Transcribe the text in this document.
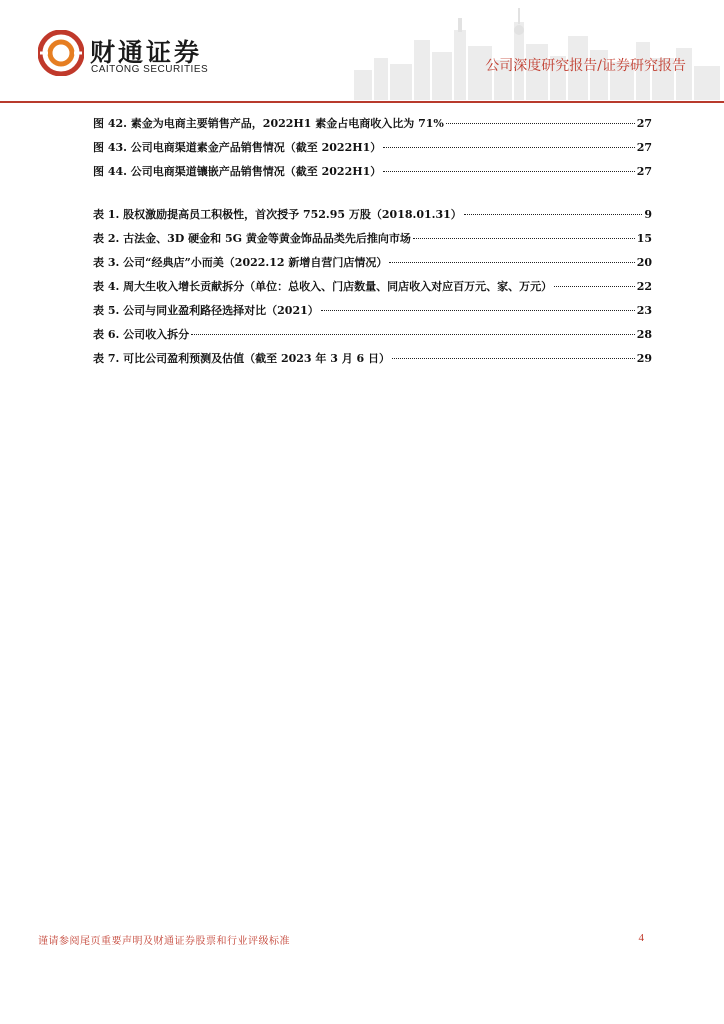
财通证券
CAITONG SECURITIES	公司深度研究报告/证券研究报告
图 42. 素金为电商主要销售产品，2022H1 素金占电商收入比为 71%	27
图 43. 公司电商渠道素金产品销售情况（截至 2022H1）	27
图 44. 公司电商渠道镶嵌产品销售情况（截至 2022H1）	27
表 1. 股权激励提高员工积极性，首次授予 752.95 万股（2018.01.31）	9
表 2. 古法金、3D 硬金和 5G 黄金等黄金饰品品类先后推向市场	15
表 3. 公司“经典店”小而美（2022.12 新增自营门店情况）	20
表 4. 周大生收入增长贡献拆分（单位：总收入、门店数量、同店收入对应百万元、家、万元）	22
表 5. 公司与同业盈利路径选择对比（2021）	23
表 6. 公司收入拆分	28
表 7. 可比公司盈利预测及估值（截至 2023 年 3 月 6 日）	29
谨请参阅尾页重要声明及财通证券股票和行业评级标准	4
